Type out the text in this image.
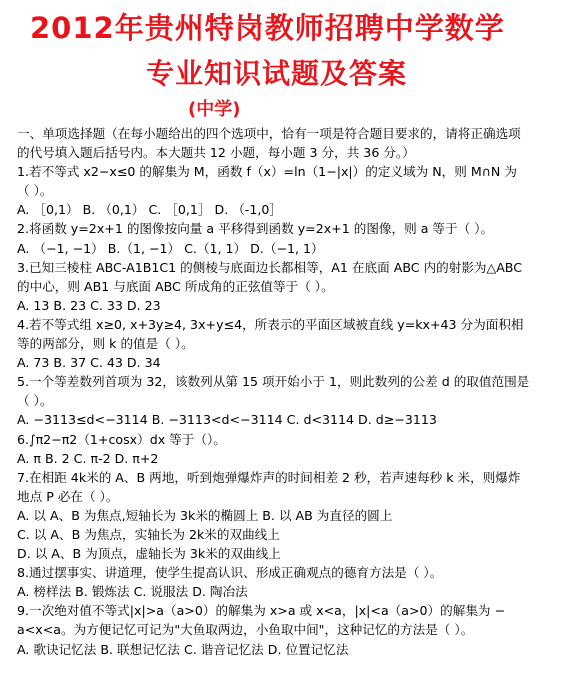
2012年贵州特岗教师招聘中学数学
专业知识试题及答案
(中学)
一、单项选择题（在每小题给出的四个选项中，恰有一项是符合题目要求的，请将正确选项
的代号填入题后括号内。本大题共 12 小题，每小题 3 分，共 36 分。）
1.若不等式 x2−x≤0 的解集为 M，函数 f（x）=ln（1−|x|）的定义域为 N，则 M∩N 为
（ ）。
A. ［0,1） B. （0,1） C. ［0,1］ D. （-1,0］
2.将函数 y=2x+1 的图像按向量 a 平移得到函数 y=2x+1 的图像，则 a 等于（ ）。
A. （−1, −1） B.（1, −1） C.（1, 1） D.（−1, 1）
3.已知三棱柱 ABC-A1B1C1 的侧棱与底面边长都相等，A1 在底面 ABC 内的射影为△ABC
的中心，则 AB1 与底面 ABC 所成角的正弦值等于（ ）。
A. 13 B. 23 C. 33 D. 23
4.若不等式组 x≥0, x+3y≥4, 3x+y≤4，所表示的平面区域被直线 y=kx+43 分为面积相
等的两部分，则 k 的值是（ ）。
A. 73 B. 37 C. 43 D. 34
5.一个等差数列首项为 32，该数列从第 15 项开始小于 1，则此数列的公差 d 的取值范围是
（ ）。
A. −3113≤d<−3114 B. −3113<d<−3114 C. d<3114 D. d≥−3113
6.∫π2−π2（1+cosx）dx 等于（）。
A. π B. 2 C. π-2 D. π+2
7.在相距 4k米的 A、B 两地，听到炮弹爆炸声的时间相差 2 秒，若声速每秒 k 米，则爆炸
地点 P 必在（ ）。
A. 以 A、B 为焦点,短轴长为 3k米的椭圆上 B. 以 AB 为直径的圆上
C. 以 A、B 为焦点，实轴长为 2k米的双曲线上
D. 以 A、B 为顶点，虚轴长为 3k米的双曲线上
8.通过摆事实、讲道理，使学生提高认识、形成正确观点的德育方法是（ ）。
A. 榜样法 B. 锻炼法 C. 说服法 D. 陶冶法
9.一次绝对值不等式|x|>a（a>0）的解集为 x>a 或 x<a，|x|<a（a>0）的解集为 −
a<x<a。为方便记忆可记为"大鱼取两边，小鱼取中间"，这种记忆的方法是（ ）。
A. 歌诀记忆法 B. 联想记忆法 C. 谐音记忆法 D. 位置记忆法
